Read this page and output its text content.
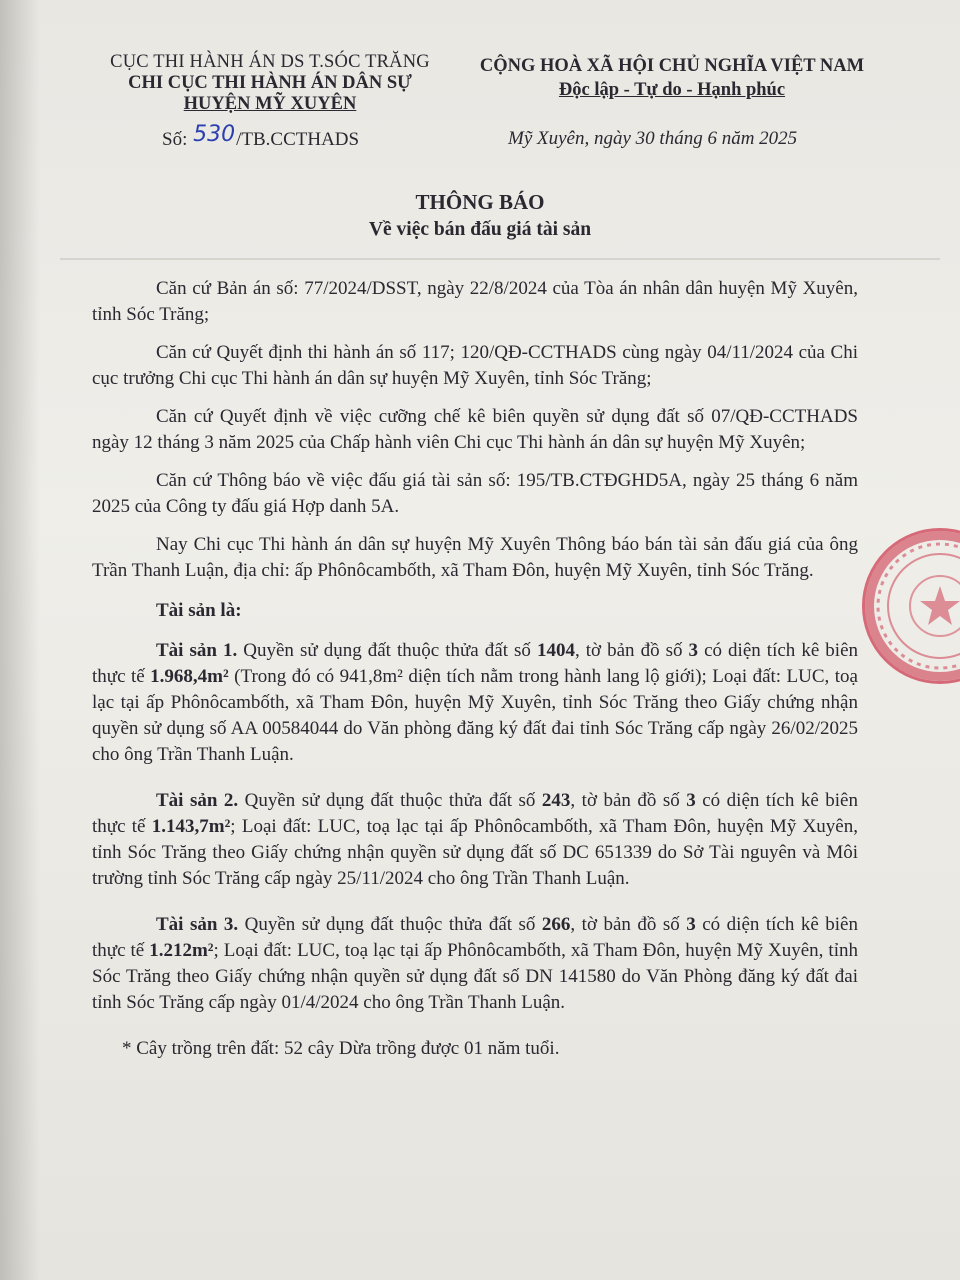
CỤC THI HÀNH ÁN DS T.SÓC TRĂNG
CHI CỤC THI HÀNH ÁN DÂN SỰ
HUYỆN MỸ XUYÊN
CỘNG HOÀ XÃ HỘI CHỦ NGHĨA VIỆT NAM
Độc lập - Tự do - Hạnh phúc
Số: 530/TB.CCTHADS	Mỹ Xuyên, ngày 30 tháng 6 năm 2025
THÔNG BÁO
Về việc bán đấu giá tài sản

Căn cứ Bản án số: 77/2024/DSST, ngày 22/8/2024 của Tòa án nhân dân huyện Mỹ Xuyên, tỉnh Sóc Trăng;

Căn cứ Quyết định thi hành án số 117; 120/QĐ-CCTHADS cùng ngày 04/11/2024 của Chi cục trưởng Chi cục Thi hành án dân sự huyện Mỹ Xuyên, tỉnh Sóc Trăng;

Căn cứ Quyết định về việc cưỡng chế kê biên quyền sử dụng đất số 07/QĐ-CCTHADS ngày 12 tháng 3 năm 2025 của Chấp hành viên Chi cục Thi hành án dân sự huyện Mỹ Xuyên;

Căn cứ Thông báo về việc đấu giá tài sản số: 195/TB.CTĐGHD5A, ngày 25 tháng 6 năm 2025 của Công ty đấu giá Hợp danh 5A.

Nay Chi cục Thi hành án dân sự huyện Mỹ Xuyên Thông báo bán tài sản đấu giá của ông Trần Thanh Luận, địa chỉ: ấp Phônôcambốth, xã Tham Đôn, huyện Mỹ Xuyên, tỉnh Sóc Trăng.

Tài sản là:

Tài sản 1. Quyền sử dụng đất thuộc thửa đất số 1404, tờ bản đồ số 3 có diện tích kê biên thực tế 1.968,4m² (Trong đó có 941,8m² diện tích nằm trong hành lang lộ giới); Loại đất: LUC, toạ lạc tại ấp Phônôcambốth, xã Tham Đôn, huyện Mỹ Xuyên, tỉnh Sóc Trăng theo Giấy chứng nhận quyền sử dụng số AA 00584044 do Văn phòng đăng ký đất đai tỉnh Sóc Trăng cấp ngày 26/02/2025 cho ông Trần Thanh Luận.

Tài sản 2. Quyền sử dụng đất thuộc thửa đất số 243, tờ bản đồ số 3 có diện tích kê biên thực tế 1.143,7m²; Loại đất: LUC, toạ lạc tại ấp Phônôcambốth, xã Tham Đôn, huyện Mỹ Xuyên, tỉnh Sóc Trăng theo Giấy chứng nhận quyền sử dụng đất số DC 651339 do Sở Tài nguyên và Môi trường tỉnh Sóc Trăng cấp ngày 25/11/2024 cho ông Trần Thanh Luận.

Tài sản 3. Quyền sử dụng đất thuộc thửa đất số 266, tờ bản đồ số 3 có diện tích kê biên thực tế 1.212m²; Loại đất: LUC, toạ lạc tại ấp Phônôcambốth, xã Tham Đôn, huyện Mỹ Xuyên, tỉnh Sóc Trăng theo Giấy chứng nhận quyền sử dụng đất số DN 141580 do Văn Phòng đăng ký đất đai tỉnh Sóc Trăng cấp ngày 01/4/2024 cho ông Trần Thanh Luận.

* Cây trồng trên đất: 52 cây Dừa trồng được 01 năm tuổi.
